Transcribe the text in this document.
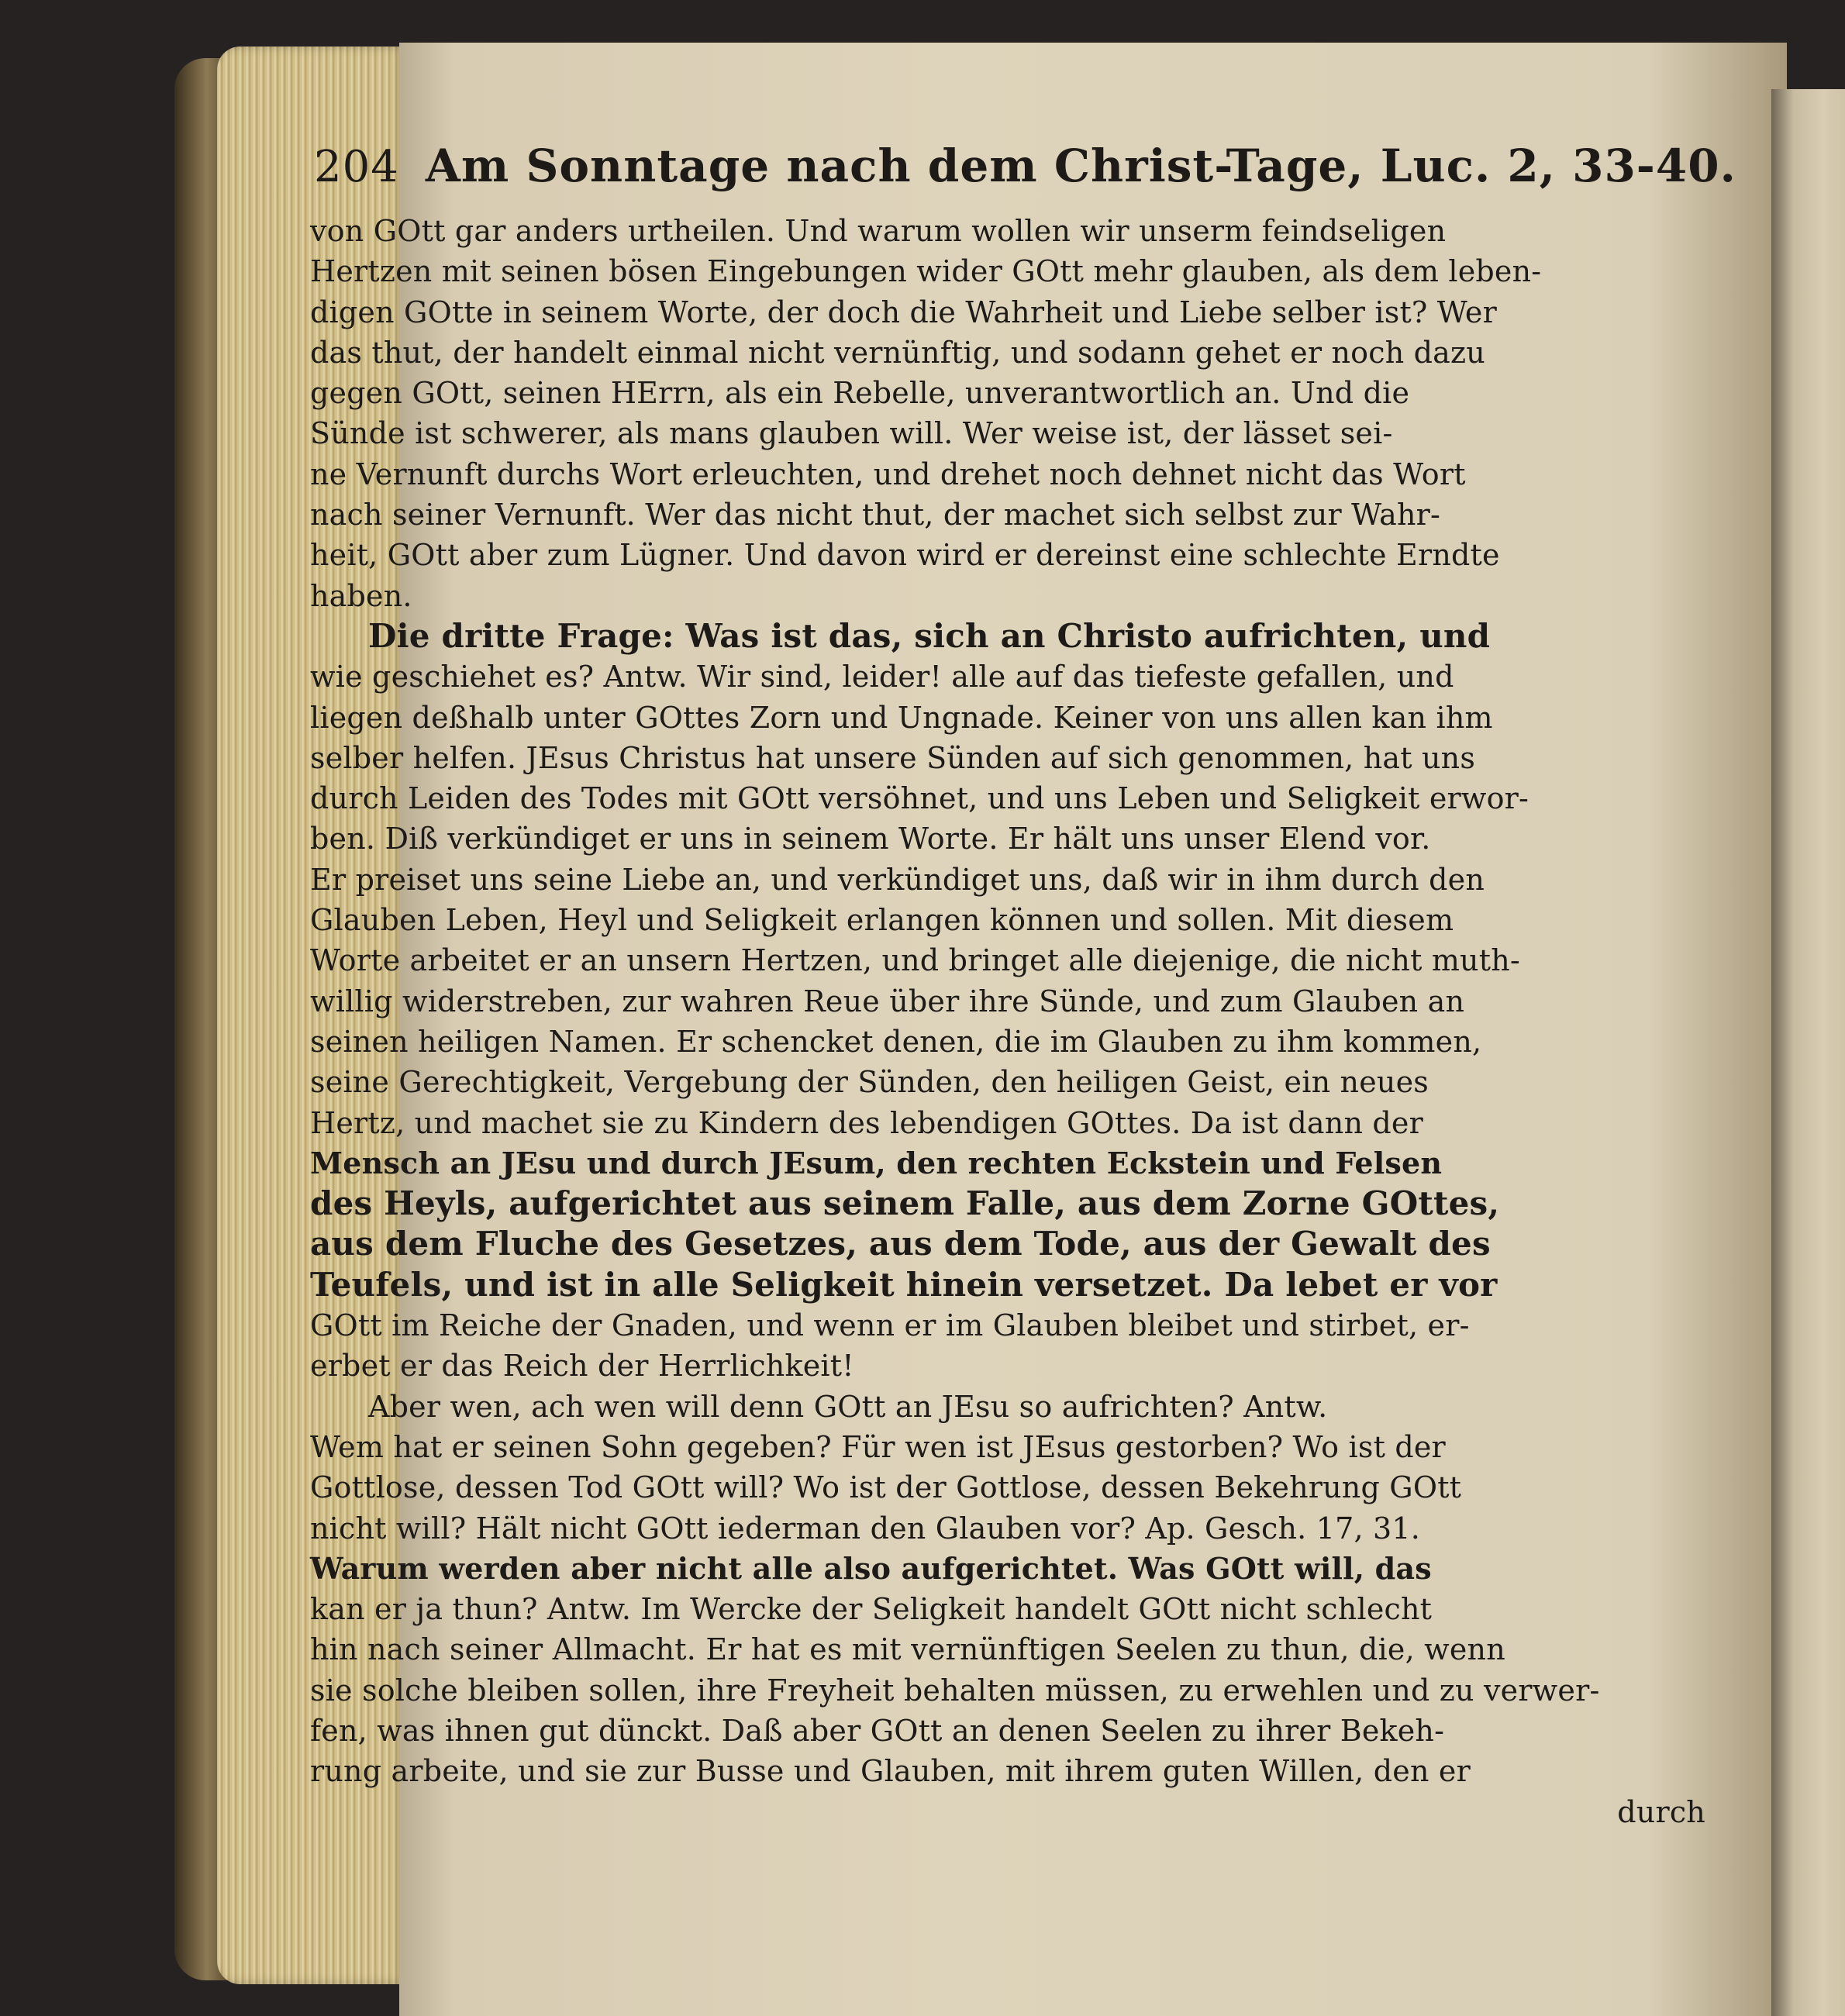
204 Am Sonntage nach dem Christ-Tage, Luc. 2, 33-40.
von GOtt gar anders urtheilen. Und warum wollen wir unserm feindseligen
Hertzen mit seinen bösen Eingebungen wider GOtt mehr glauben, als dem leben-
digen GOtte in seinem Worte, der doch die Wahrheit und Liebe selber ist? Wer
das thut, der handelt einmal nicht vernünftig, und sodann gehet er noch dazu
gegen GOtt, seinen HErrn, als ein Rebelle, unverantwortlich an. Und die
Sünde ist schwerer, als mans glauben will. Wer weise ist, der lässet sei-
ne Vernunft durchs Wort erleuchten, und drehet noch dehnet nicht das Wort
nach seiner Vernunft. Wer das nicht thut, der machet sich selbst zur Wahr-
heit, GOtt aber zum Lügner. Und davon wird er dereinst eine schlechte Erndte
haben.
Die dritte Frage: Was ist das, sich an Christo aufrichten, und
wie geschiehet es? Antw. Wir sind, leider! alle auf das tiefeste gefallen, und
liegen deßhalb unter GOttes Zorn und Ungnade. Keiner von uns allen kan ihm
selber helfen. JEsus Christus hat unsere Sünden auf sich genommen, hat uns
durch Leiden des Todes mit GOtt versöhnet, und uns Leben und Seligkeit erwor-
ben. Diß verkündiget er uns in seinem Worte. Er hält uns unser Elend vor.
Er preiset uns seine Liebe an, und verkündiget uns, daß wir in ihm durch den
Glauben Leben, Heyl und Seligkeit erlangen können und sollen. Mit diesem
Worte arbeitet er an unsern Hertzen, und bringet alle diejenige, die nicht muth-
willig widerstreben, zur wahren Reue über ihre Sünde, und zum Glauben an
seinen heiligen Namen. Er schencket denen, die im Glauben zu ihm kommen,
seine Gerechtigkeit, Vergebung der Sünden, den heiligen Geist, ein neues
Hertz, und machet sie zu Kindern des lebendigen GOttes. Da ist dann der
Mensch an JEsu und durch JEsum, den rechten Eckstein und Felsen
des Heyls, aufgerichtet aus seinem Falle, aus dem Zorne GOttes,
aus dem Fluche des Gesetzes, aus dem Tode, aus der Gewalt des
Teufels, und ist in alle Seligkeit hinein versetzet. Da lebet er vor
GOtt im Reiche der Gnaden, und wenn er im Glauben bleibet und stirbet, er-
erbet er das Reich der Herrlichkeit!
Aber wen, ach wen will denn GOtt an JEsu so aufrichten? Antw.
Wem hat er seinen Sohn gegeben? Für wen ist JEsus gestorben? Wo ist der
Gottlose, dessen Tod GOtt will? Wo ist der Gottlose, dessen Bekehrung GOtt
nicht will? Hält nicht GOtt iederman den Glauben vor? Ap. Gesch. 17, 31.
Warum werden aber nicht alle also aufgerichtet. Was GOtt will, das
kan er ja thun? Antw. Im Wercke der Seligkeit handelt GOtt nicht schlecht
hin nach seiner Allmacht. Er hat es mit vernünftigen Seelen zu thun, die, wenn
sie solche bleiben sollen, ihre Freyheit behalten müssen, zu erwehlen und zu verwer-
fen, was ihnen gut dünckt. Daß aber GOtt an denen Seelen zu ihrer Bekeh-
rung arbeite, und sie zur Busse und Glauben, mit ihrem guten Willen, den er
durch
